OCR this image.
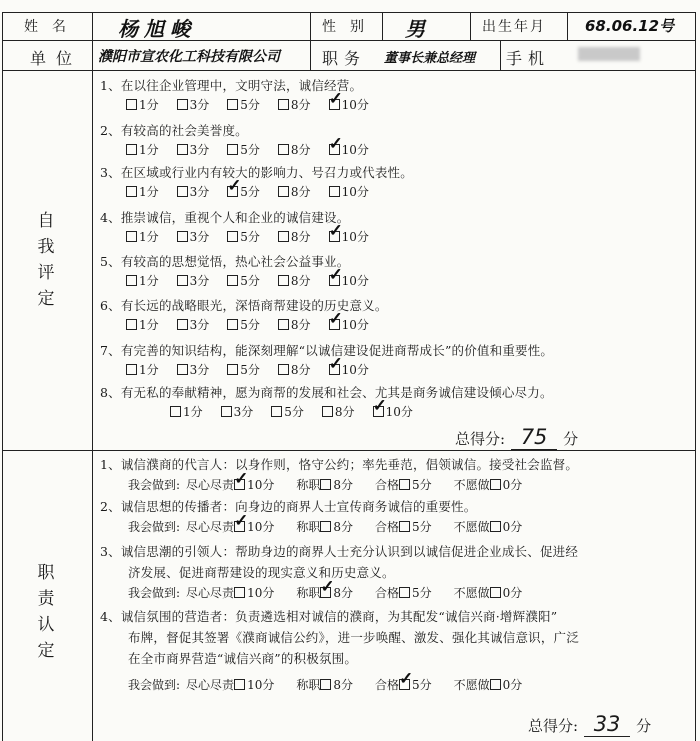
姓名 杨旭峻	性别 男	出生年月	68.06.12号
单位 濮阳市宣农化工科技有限公司	职务 董事长兼总经理 手机
自
我
评
定
1、在以往企业管理中，文明守法，诚信经营。
1分	3分	5分	8分 ✓	10分
2、有较高的社会美誉度。
1分	3分	5分	8分 ✓	10分
3、在区域或行业内有较大的影响力、号召力或代表性。
1分	3分 ✓	5分	8分	10分
4、推崇诚信，重视个人和企业的诚信建设。
1分	3分	5分	8分 ✓	10分
5、有较高的思想觉悟，热心社会公益事业。
1分	3分	5分	8分 ✓	10分
6、有长远的战略眼光，深悟商帮建设的历史意义。
1分	3分	5分	8分 ✓	10分
7、有完善的知识结构，能深刻理解“以诚信建设促进商帮成长”的价值和重要性。
1分	3分	5分	8分 ✓	10分
8、有无私的奉献精神，愿为商帮的发展和社会、尤其是商务诚信建设倾心尽力。
1分	3分	5分	8分 ✓	10分
总得分: 75 分
职
责
认
定
1、诚信濮商的代言人：以身作则，恪守公约；率先垂范，倡领诚信。接受社会监督。
我会做到: 尽心尽责 ✓ 10分 称职 8分 合格 5分 不愿做 0分
2、诚信思想的传播者：向身边的商界人士宣传商务诚信的重要性。
我会做到: 尽心尽责 ✓ 10分 称职 8分 合格 5分 不愿做 0分
3、诚信思潮的引领人：帮助身边的商界人士充分认识到以诚信促进企业成长、促进经
济发展、促进商帮建设的现实意义和历史意义。
我会做到: 尽心尽责 10分 称职 ✓ 8分 合格 5分 不愿做 0分
4、诚信氛围的营造者：负责遴选相对诚信的濮商，为其配发“诚信兴商·增辉濮阳”
布牌，督促其签署《濮商诚信公约》，进一步唤醒、激发、强化其诚信意识，广泛
在全市商界营造“诚信兴商”的积极氛围。
我会做到: 尽心尽责 10分 称职 8分 合格 ✓ 5分 不愿做 0分
总得分: 33 分
